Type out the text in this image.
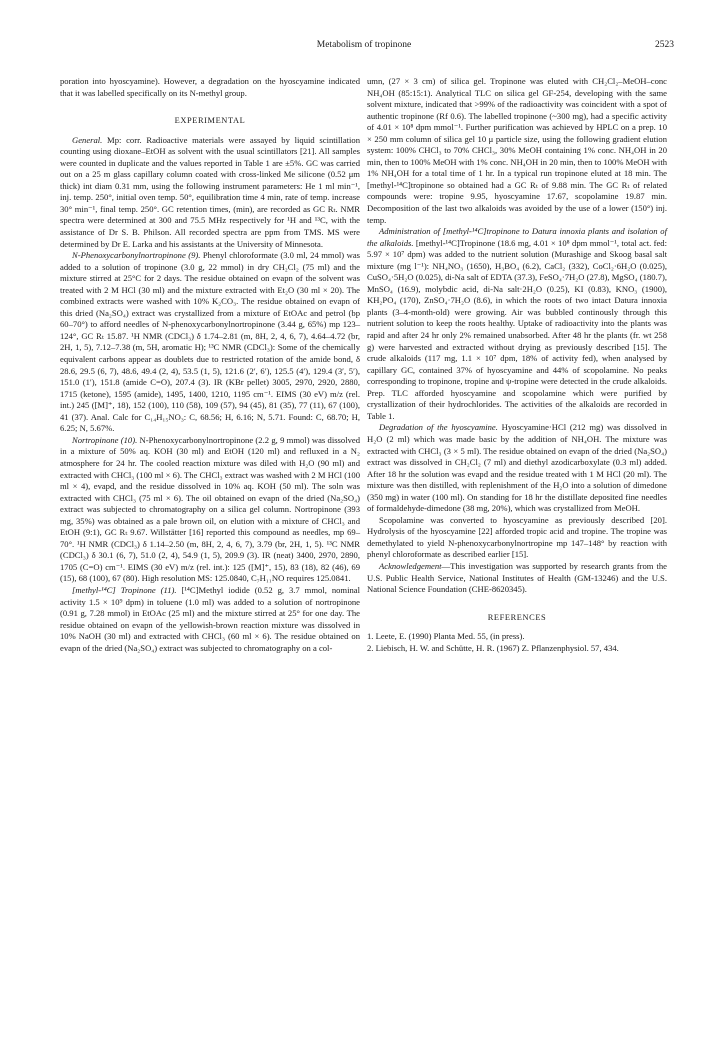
Metabolism of tropinone	2523

poration into hyoscyamine). However, a degradation on the hyoscyamine indicated that it was labelled specifically on its N-methyl group.

EXPERIMENTAL

General. Mp: corr. Radioactive materials were assayed by liquid scintillation counting using dioxane–EtOH as solvent with the usual scintillators [21]. All samples were counted in duplicate and the values reported in Table 1 are ±5%. GC was carried out on a 25 m glass capillary column coated with cross-linked Me silicone (0.52 μm thick) int diam 0.31 mm, using the following instrument parameters: He 1 ml min⁻¹, inj. temp. 250°, initial oven temp. 50°, equilibration time 4 min, rate of temp. increase 30° min⁻¹, final temp. 250°. GC retention times, (min), are recorded as GC Rₜ. NMR spectra were determined at 300 and 75.5 MHz respectively for ¹H and ¹³C, with the assistance of Dr S. B. Philson. All recorded spectra are ppm from TMS. MS were determined by Dr E. Larka and his assistants at the University of Minnesota.

N-Phenoxycarbonylnortropinone (9). Phenyl chloroformate (3.0 ml, 24 mmol) was added to a solution of tropinone (3.0 g, 22 mmol) in dry CH₂Cl₂ (75 ml) and the mixture stirred at 25°C for 2 days. The residue obtained on evapn of the solvent was treated with 2 M HCl (30 ml) and the mixture extracted with Et₂O (30 ml × 20). The combined extracts were washed with 10% K₂CO₃. The residue obtained on evapn of this dried (Na₂SO₄) extract was crystallized from a mixture of EtOAc and petrol (bp 60–70°) to afford needles of N-phenoxycarbonylnortropinone (3.44 g, 65%) mp 123–124°, GC Rₜ 15.87. ¹H NMR (CDCl₃) δ 1.74–2.81 (m, 8H, 2, 4, 6, 7), 4.64–4.72 (br, 2H, 1, 5), 7.12–7.38 (m, 5H, aromatic H); ¹³C NMR (CDCl₃): Some of the chemically equivalent carbons appear as doublets due to restricted rotation of the amide bond, δ 28.6, 29.5 (6, 7), 48.6, 49.4 (2, 4), 53.5 (1, 5), 121.6 (2′, 6′), 125.5 (4′), 129.4 (3′, 5′), 151.0 (1′), 151.8 (amide C=O), 207.4 (3). IR (KBr pellet) 3005, 2970, 2920, 2880, 1715 (ketone), 1595 (amide), 1495, 1400, 1210, 1195 cm⁻¹. EIMS (30 eV) m/z (rel. int.) 245 ([M]⁺, 18), 152 (100), 110 (58), 109 (57), 94 (45), 81 (35), 77 (11), 67 (100), 41 (37). Anal. Calc for C₁₄H₁₅NO₃: C, 68.56; H, 6.16; N, 5.71. Found: C, 68.70; H, 6.25; N, 5.67%.

Nortropinone (10). N-Phenoxycarbonylnortropinone (2.2 g, 9 mmol) was dissolved in a mixture of 50% aq. KOH (30 ml) and EtOH (120 ml) and refluxed in a N₂ atmosphere for 24 hr. The cooled reaction mixture was diled with H₂O (90 ml) and extracted with CHCl₃ (100 ml × 6). The CHCl₃ extract was washed with 2 M HCl (100 ml × 4), evapd, and the residue dissolved in 10% aq. KOH (50 ml). The soln was extracted with CHCl₃ (75 ml × 6). The oil obtained on evapn of the dried (Na₂SO₄) extract was subjected to chromatography on a silica gel column. Nortropinone (393 mg, 35%) was obtained as a pale brown oil, on elution with a mixture of CHCl₃ and EtOH (9:1), GC Rₜ 9.67. Willstätter [16] reported this compound as needles, mp 69–70°. ¹H NMR (CDCl₃) δ 1.14–2.50 (m, 8H, 2, 4, 6, 7), 3.79 (br, 2H, 1, 5). ¹³C NMR (CDCl₃) δ 30.1 (6, 7), 51.0 (2, 4), 54.9 (1, 5), 209.9 (3). IR (neat) 3400, 2970, 2890, 1705 (C=O) cm⁻¹. EIMS (30 eV) m/z (rel. int.): 125 ([M]⁺, 15), 83 (18), 82 (46), 69 (15), 68 (100), 67 (80). High resolution MS: 125.0840, C₇H₁₁NO requires 125.0841.

[methyl-¹⁴C] Tropinone (11). [¹⁴C]Methyl iodide (0.52 g, 3.7 mmol, nominal activity 1.5 × 10⁹ dpm) in toluene (1.0 ml) was added to a solution of nortropinone (0.91 g, 7.28 mmol) in EtOAc (25 ml) and the mixture stirred at 25° for one day. The residue obtained on evapn of the yellowish-brown reaction mixture was dissolved in 10% NaOH (30 ml) and extracted with CHCl₃ (60 ml × 6). The residue obtained on evapn of the dried (Na₂SO₄) extract was subjected to chromatography on a col-

umn, (27 × 3 cm) of silica gel. Tropinone was eluted with CH₂Cl₂–MeOH–conc NH₄OH (85:15:1). Analytical TLC on silica gel GF-254, developing with the same solvent mixture, indicated that >99% of the radioactivity was coincident with a spot of authentic tropinone (Rf 0.6). The labelled tropinone (~300 mg), had a specific activity of 4.01 × 10⁸ dpm mmol⁻¹. Further purification was achieved by HPLC on a prep. 10 × 250 mm column of silica gel 10 μ particle size, using the following gradient elution system: 100% CHCl₃ to 70% CHCl₃, 30% MeOH containing 1% conc. NH₄OH in 20 min, then to 100% MeOH with 1% conc. NH₄OH in 20 min, then to 100% MeOH with 1% NH₄OH for a total time of 1 hr. In a typical run tropinone eluted at 18 min. The [methyl-¹⁴C]tropinone so obtained had a GC Rₜ of 9.88 min. The GC Rₜ of related compounds were: tropine 9.95, hyoscyamine 17.67, scopolamine 19.87 min. Decomposition of the last two alkaloids was avoided by the use of a lower (150°) inj. temp.

Administration of [methyl-¹⁴C]tropinone to Datura innoxia plants and isolation of the alkaloids. [methyl-¹⁴C]Tropinone (18.6 mg, 4.01 × 10⁸ dpm mmol⁻¹, total act. fed: 5.97 × 10⁷ dpm) was added to the nutrient solution (Murashige and Skoog basal salt mixture (mg l⁻¹): NH₄NO₃ (1650), H₃BO₄ (6.2), CaCl₂ (332), CoCl₂·6H₂O (0.025), CuSO₄·5H₂O (0.025), di-Na salt of EDTA (37.3), FeSO₄·7H₂O (27.8), MgSO₄ (180.7), MnSO₄ (16.9), molybdic acid, di-Na salt·2H₂O (0.25), KI (0.83), KNO₃ (1900), KH₂PO₄ (170), ZnSO₄·7H₂O (8.6), in which the roots of two intact Datura innoxia plants (3–4-month-old) were growing. Air was bubbled continously through this nutrient solution to keep the roots healthy. Uptake of radioactivity into the plants was rapid and after 24 hr only 2% remained unabsorbed. After 48 hr the plants (fr. wt 258 g) were harvested and extracted without drying as previously described [15]. The crude alkaloids (117 mg, 1.1 × 10⁷ dpm, 18% of activity fed), when analysed by capillary GC, contained 37% of hyoscyamine and 44% of scopolamine. No peaks corresponding to tropinone, tropine and ψ-tropine were detected in the crude alkaloids. Prep. TLC afforded hyoscyamine and scopolamine which were purified by crystallization of their hydrochlorides. The activities of the alkaloids are recorded in Table 1.

Degradation of the hyoscyamine. Hyoscyamine·HCl (212 mg) was dissolved in H₂O (2 ml) which was made basic by the addition of NH₄OH. The mixture was extracted with CHCl₃ (3 × 5 ml). The residue obtained on evapn of the dried (Na₂SO₄) extract was dissolved in CH₂Cl₂ (7 ml) and diethyl azodicarboxylate (0.3 ml) added. After 18 hr the solution was evapd and the residue treated with 1 M HCl (20 ml). The mixture was then distilled, with replenishment of the H₂O into a solution of dimedone (350 mg) in water (100 ml). On standing for 18 hr the distillate deposited fine needles of formaldehyde-dimedone (38 mg, 20%), which was crystallized from MeOH.

Scopolamine was converted to hyoscyamine as previously described [20]. Hydrolysis of the hyoscyamine [22] afforded tropic acid and tropine. The tropine was demethylated to yield N-phenoxycarbonylnortropine mp 147–148° by reaction with phenyl chloroformate as described earlier [15].

Acknowledgement—This investigation was supported by research grants from the U.S. Public Health Service, National Institutes of Health (GM-13246) and the U.S. National Science Foundation (CHE-8620345).

REFERENCES
1. Leete, E. (1990) Planta Med. 55, (in press).
2. Liebisch, H. W. and Schütte, H. R. (1967) Z. Pflanzenphysiol. 57, 434.
